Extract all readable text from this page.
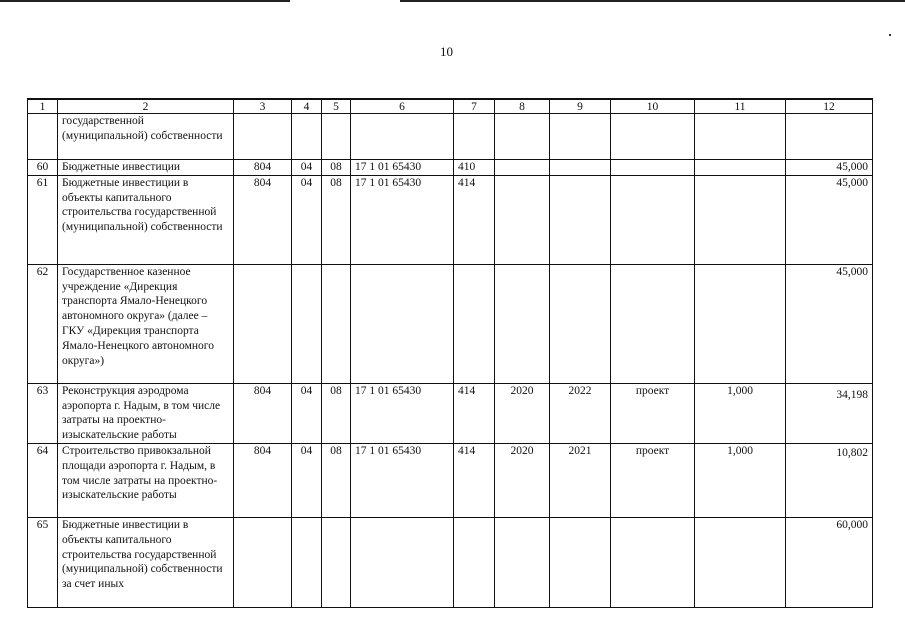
10
1	2	3	4	5	6	7	8	9	10	11	12
	государственной (муниципальной) собственности										
60	Бюджетные инвестиции	804	04	08	17 1 01 65430	410					45,000
61	Бюджетные инвестиции в объекты капитального строительства государственной (муниципальной) собственности	804	04	08	17 1 01 65430	414					45,000
62	Государственное казенное учреждение «Дирекция транспорта Ямало-Ненецкого автономного округа» (далее – ГКУ «Дирекция транспорта Ямало-Ненецкого автономного округа»)										45,000
63	Реконструкция аэродрома аэропорта г. Надым, в том числе затраты на проектно-изыскательские работы	804	04	08	17 1 01 65430	414	2020	2022	проект	1,000	34,198
64	Строительство привокзальной площади аэропорта г. Надым, в том числе затраты на проектно-изыскательские работы	804	04	08	17 1 01 65430	414	2020	2021	проект	1,000	10,802
65	Бюджетные инвестиции в объекты капитального строительства государственной (муниципальной) собственности за счет иных										60,000
